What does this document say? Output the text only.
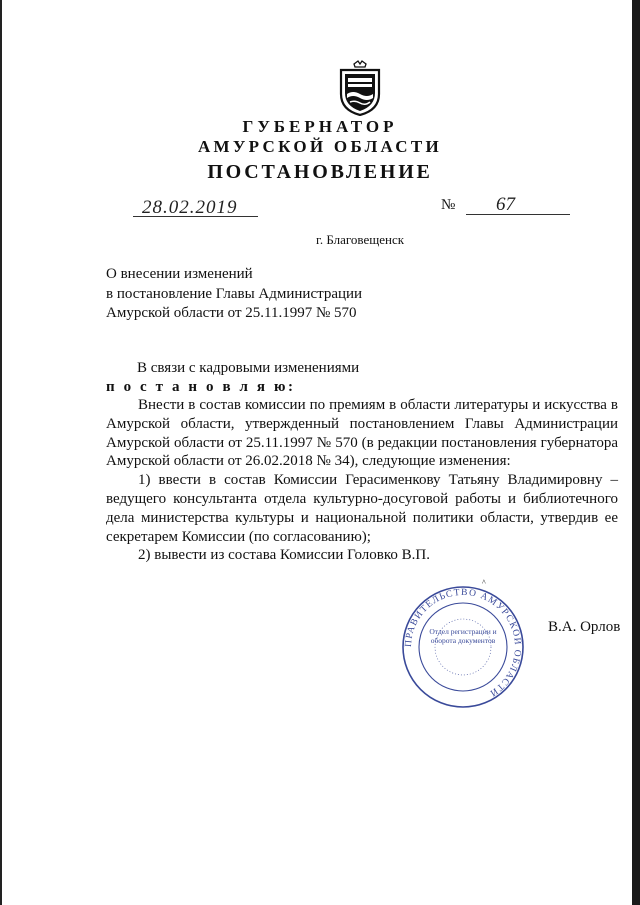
ГУБЕРНАТОР
АМУРСКОЙ ОБЛАСТИ
ПОСТАНОВЛЕНИЕ
28.02.2019	№ 67
г. Благовещенск
О внесении изменений
в постановление Главы Администрации
Амурской области от 25.11.1997 № 570
В связи с кадровыми изменениями
п о с т а н о в л я ю:

Внести в состав комиссии по премиям в области литературы и искусства в Амурской области, утвержденный постановлением Главы Администрации Амурской области от 25.11.1997 № 570 (в редакции постановления губернатора Амурской области от 26.02.2018 № 34), следующие изменения:

1) ввести в состав Комиссии Герасименкову Татьяну Владимировну – ведущего консультанта отдела культурно-досуговой работы и библиотечного дела министерства культуры и национальной политики области, утвердив ее секретарем Комиссии (по согласованию);

2) вывести из состава Комиссии Головко В.П.

ПРАВИТЕЛЬСТВО АМУРСКОЙ ОБЛАСТИ
Отдел регистрации и оборота документов
^
В.А. Орлов
